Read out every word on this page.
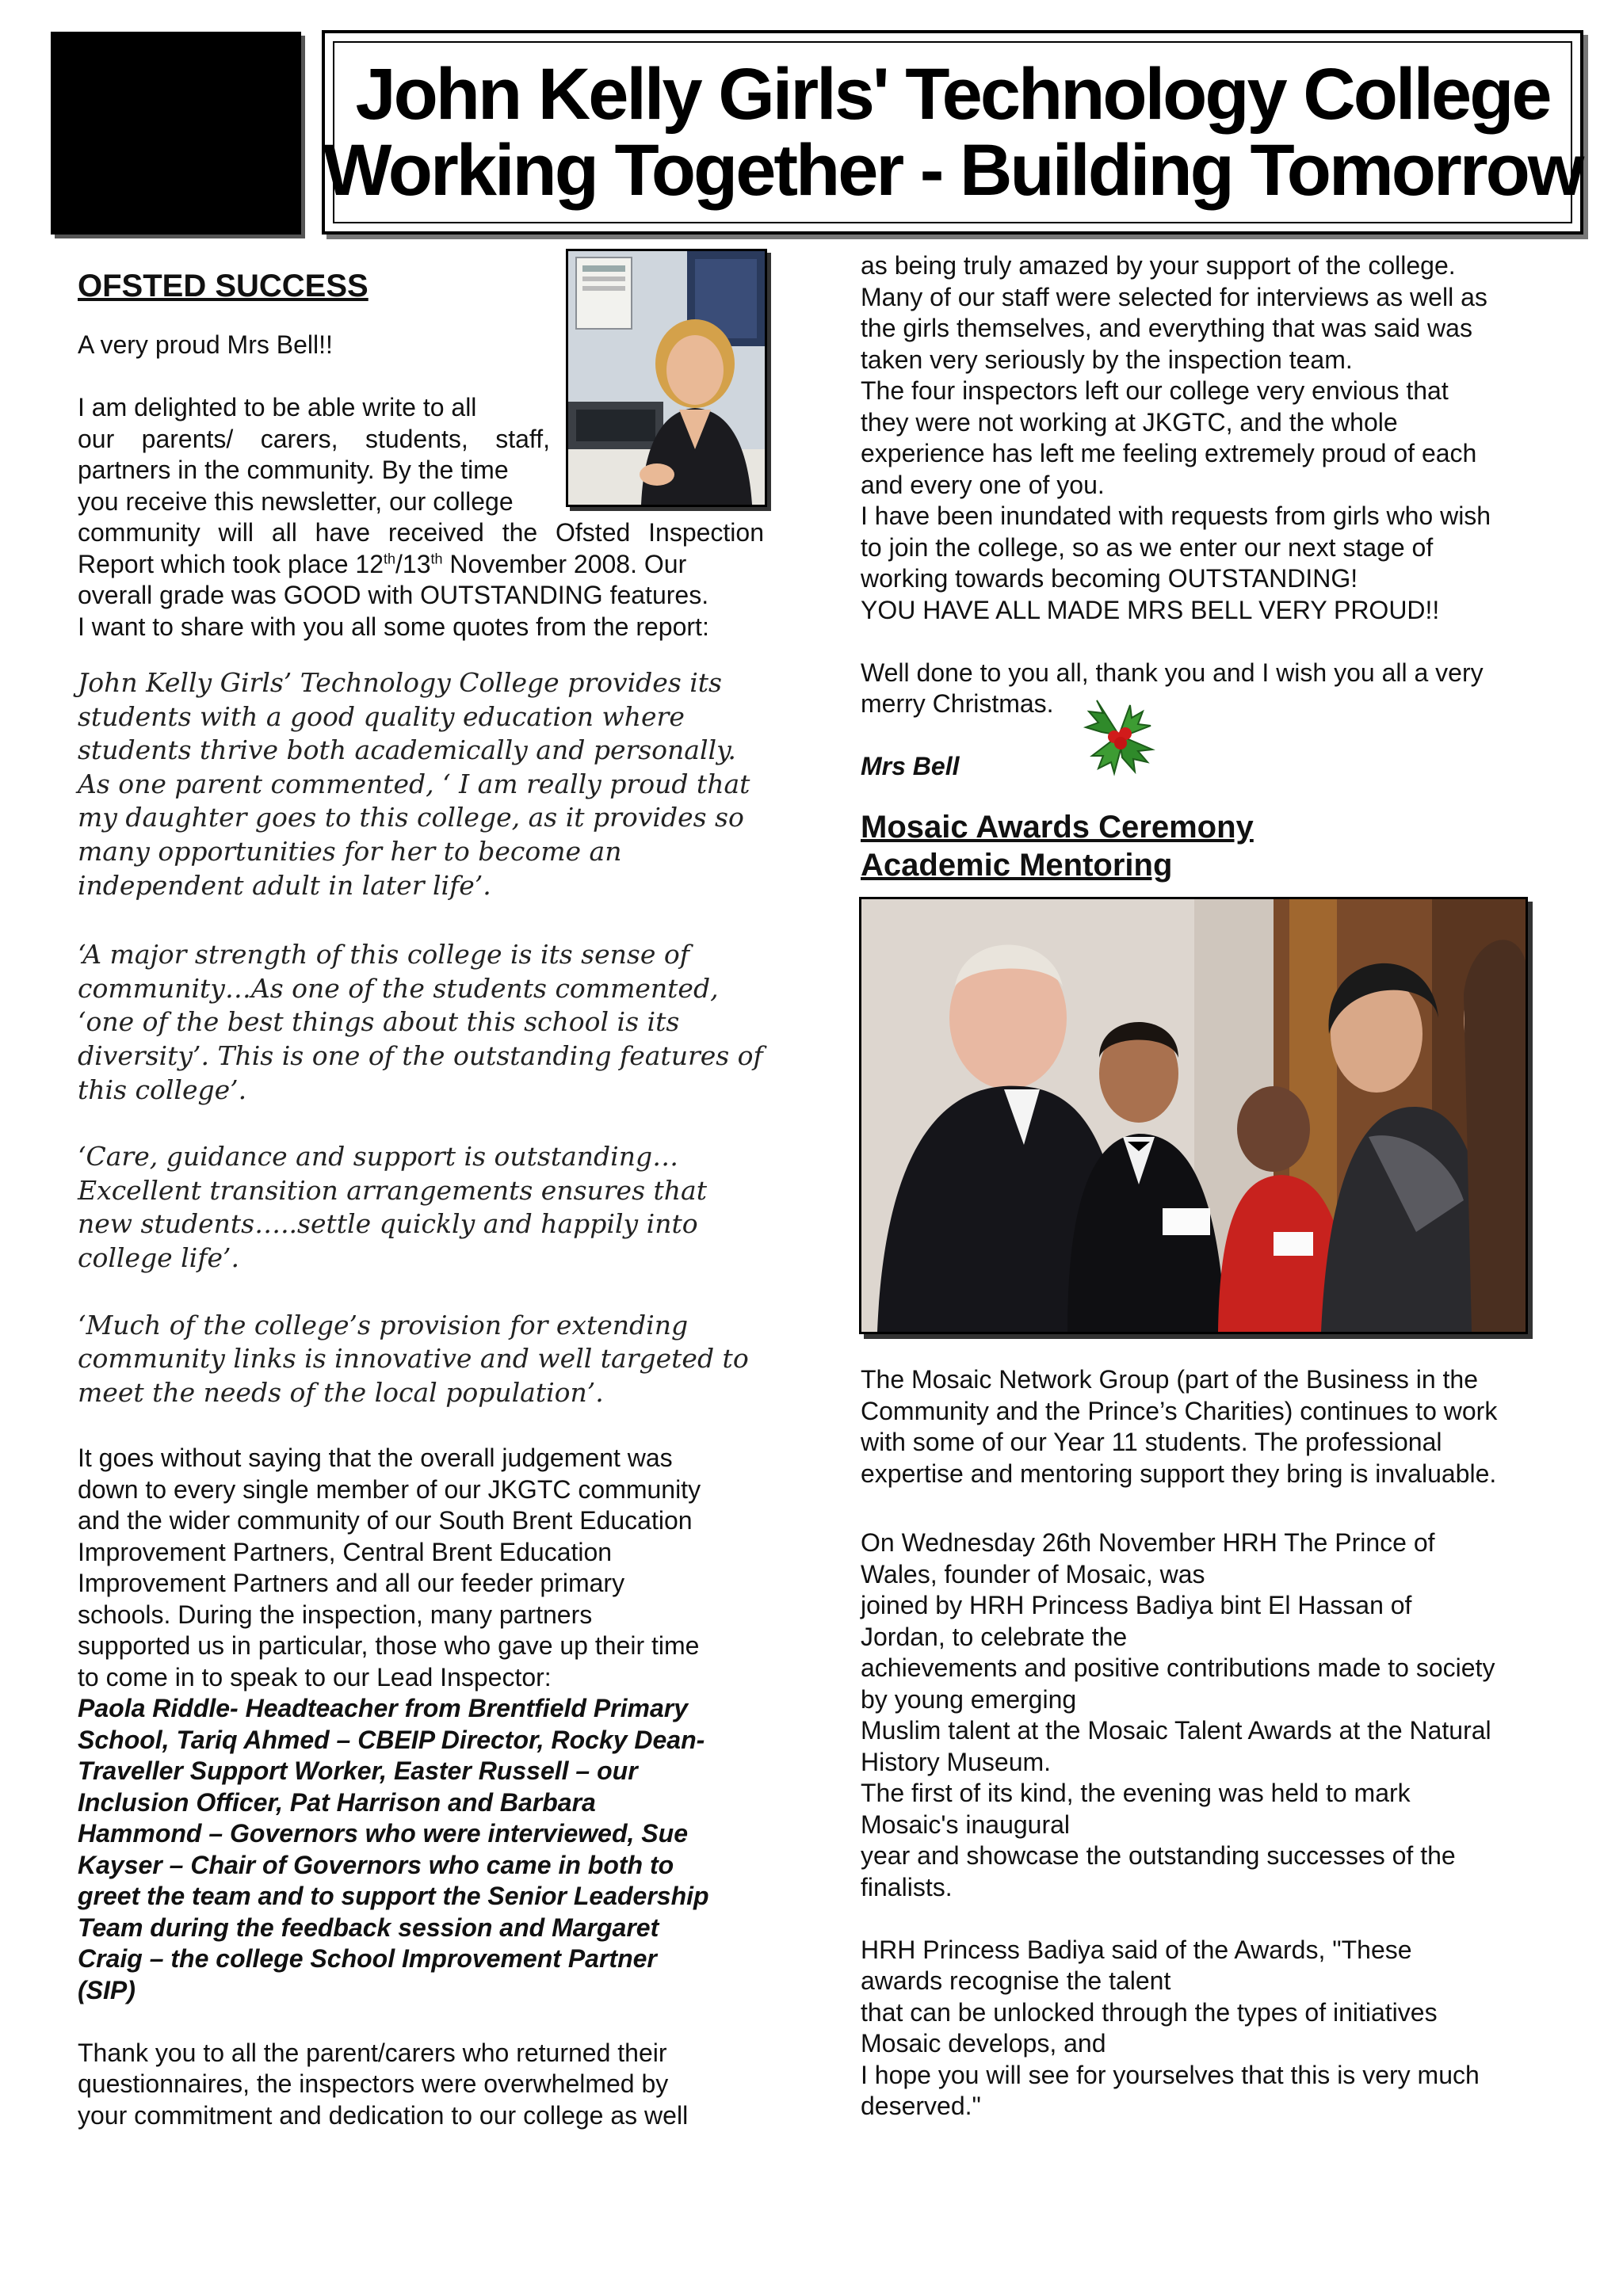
John Kelly Girls' Technology College
Working Together - Building Tomorrow

OFSTED SUCCESS

A very proud Mrs Bell!!

I am delighted to be able write to all

our parents/ carers, students, staff,

partners in the community. By the time

you receive this newsletter, our college

community will all have received the Ofsted Inspection

Report which took place 12th/13th November 2008. Our

overall grade was GOOD with OUTSTANDING features.

I want to share with you all some quotes from the report:

John Kelly Girls’ Technology College provides its

students with a good quality education where

students thrive both academically and personally.

As one parent commented, ‘ I am really proud that

my daughter goes to this college, as it provides so

many opportunities for her to become an

independent adult in later life’.

‘A major strength of this college is its sense of

community…As one of the students commented,

‘one of the best things about this school is its

diversity’. This is one of the outstanding features of

this college’.

‘Care, guidance and support is outstanding…

Excellent transition arrangements ensures that

new students…..settle quickly and happily into

college life’.

‘Much of the college’s provision for extending

community links is innovative and well targeted to

meet the needs of the local population’.

It goes without saying that the overall judgement was

down to every single member of our JKGTC community

and the wider community of our South Brent Education

Improvement Partners, Central Brent Education

Improvement Partners and all our feeder primary

schools. During the inspection, many partners

supported us in particular, those who gave up their time

to come in to speak to our Lead Inspector:

Paola Riddle- Headteacher from Brentfield Primary

School, Tariq Ahmed – CBEIP Director, Rocky Dean-

Traveller Support Worker, Easter Russell – our

Inclusion Officer, Pat Harrison and Barbara

Hammond – Governors who were interviewed, Sue

Kayser – Chair of Governors who came in both to

greet the team and to support the Senior Leadership

Team during the feedback session and Margaret

Craig – the college School Improvement Partner

(SIP)

Thank you to all the parent/carers who returned their

questionnaires, the inspectors were overwhelmed by

your commitment and dedication to our college as well

as being truly amazed by your support of the college.

Many of our staff were selected for interviews as well as

the girls themselves, and everything that was said was

taken very seriously by the inspection team.

The four inspectors left our college very envious that

they were not working at JKGTC, and the whole

experience has left me feeling extremely proud of each

and every one of you.

I have been inundated with requests from girls who wish

to join the college, so as we enter our next stage of

working towards becoming OUTSTANDING!

YOU HAVE ALL MADE MRS BELL VERY PROUD!!

Well done to you all, thank you and I wish you all a very

merry Christmas.

Mrs Bell

Mosaic Awards Ceremony

Academic Mentoring

The Mosaic Network Group (part of the Business in the

Community and the Prince’s Charities) continues to work

with some of our Year 11 students. The professional

expertise and mentoring support they bring is invaluable.

On Wednesday 26th November HRH The Prince of

Wales, founder of Mosaic, was

joined by HRH Princess Badiya bint El Hassan of

Jordan, to celebrate the

achievements and positive contributions made to society

by young emerging

Muslim talent at the Mosaic Talent Awards at the Natural

History Museum.

The first of its kind, the evening was held to mark

Mosaic's inaugural

year and showcase the outstanding successes of the

finalists.

HRH Princess Badiya said of the Awards, "These

awards recognise the talent

that can be unlocked through the types of initiatives

Mosaic develops, and

I hope you will see for yourselves that this is very much

deserved."
